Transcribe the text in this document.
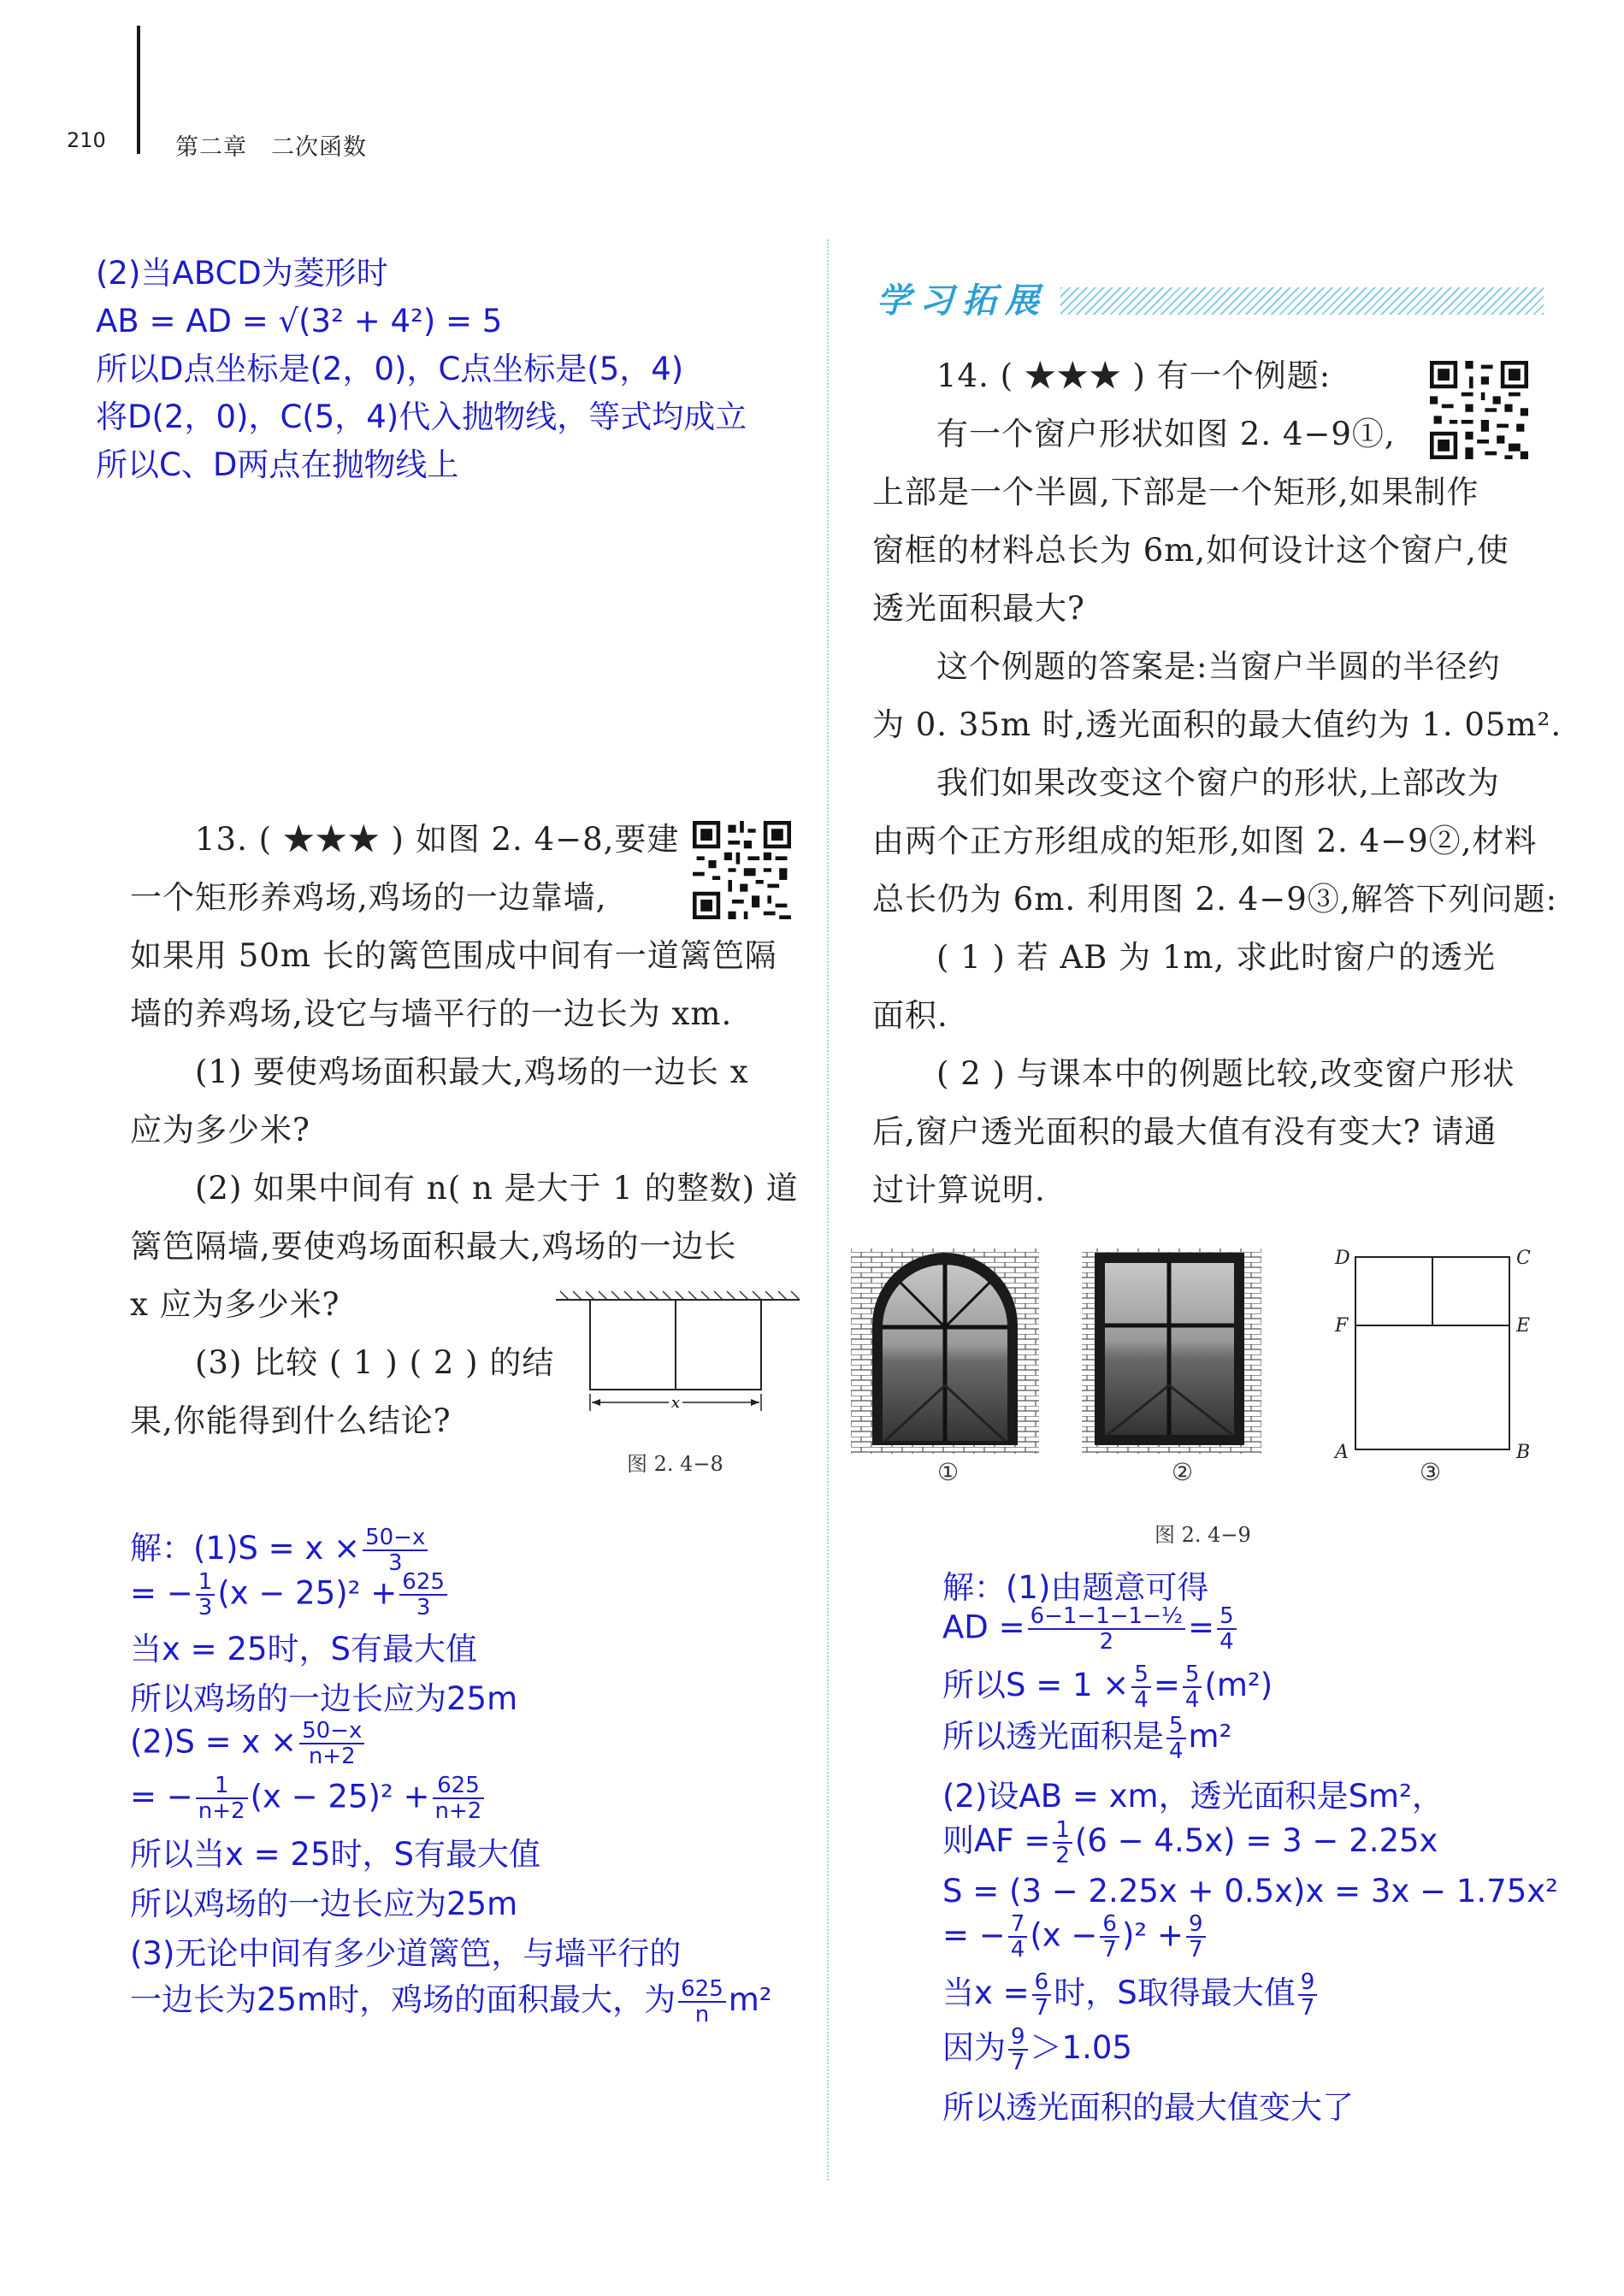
210	第二章　二次函数
(2)当ABCD为菱形时
AB = AD = √(3² + 4²) = 5
所以D点坐标是(2，0)，C点坐标是(5，4)
将D(2，0)，C(5，4)代入抛物线，等式均成立
所以C、D两点在抛物线上
13. ( ★★★ ) 如图 2. 4−8,要建
一个矩形养鸡场,鸡场的一边靠墙,
如果用 50m 长的篱笆围成中间有一道篱笆隔
墙的养鸡场,设它与墙平行的一边长为 xm.
(1) 要使鸡场面积最大,鸡场的一边长 x
应为多少米?
(2) 如果中间有 n( n 是大于 1 的整数) 道
篱笆隔墙,要使鸡场面积最大,鸡场的一边长
x 应为多少米?
(3) 比较 ( 1 ) ( 2 ) 的结
果,你能得到什么结论?	x
图 2. 4−8
解：$(1)S = x \times \frac{50-x}{3}$
= − $\frac{1}{3} (x - 25)^2 + \frac{625}{3}$
当x = 25时，S有最大值
所以鸡场的一边长应为25m
$(2)S = x \times \frac{50-x}{n+2}$
= − $\frac{1}{n+2} (x - 25)^2 + \frac{625}{n+2}$
所以当x = 25时，S有最大值
所以鸡场的一边长应为25m
(3)无论中间有多少道篱笆，与墙平行的
一边长为25m时，鸡场的面积最大，为 $\frac{625}{n} m^2$
学习拓展
14. ( ★★★ ) 有一个例题:
有一个窗户形状如图 2. 4−9①,
上部是一个半圆,下部是一个矩形,如果制作
窗框的材料总长为 6m,如何设计这个窗户,使
透光面积最大?
这个例题的答案是:当窗户半圆的半径约
为 0. 35m 时,透光面积的最大值约为 1. 05m².
我们如果改变这个窗户的形状,上部改为
由两个正方形组成的矩形,如图 2. 4−9②,材料
总长仍为 6m. 利用图 2. 4−9③,解答下列问题:
( 1 ) 若 AB 为 1m, 求此时窗户的透光
面积.
( 2 ) 与课本中的例题比较,改变窗户形状
后,窗户透光面积的最大值有没有变大? 请通
过计算说明.
D	C
F	E
A	B
①	②	③
图 2. 4−9
解：(1)由题意可得
AD = $\frac{\text{6−1−1−1−½}}{2} = \frac{5}{4}$
所以$S = 1 \times \frac{5}{4} = \frac{5}{4} (m^2)$
所以透光面积是 $\frac{5}{4} m^2$
(2)设AB = xm，透光面积是Sm²，
则AF = $\frac{1}{2} (6 - 4.5x) = 3 - 2.25x$
S = (3 − 2.25x + 0.5x)x = 3x − 1.75x²
= − $\frac{7}{4} (x - \frac{6}{7} )^2 + \frac{9}{7}$
当$x = \frac{6}{7}$ 时，S取得最大值 $\frac{9}{7}$
因为 $\frac{9}{7} >1.05$
所以透光面积的最大值变大了
